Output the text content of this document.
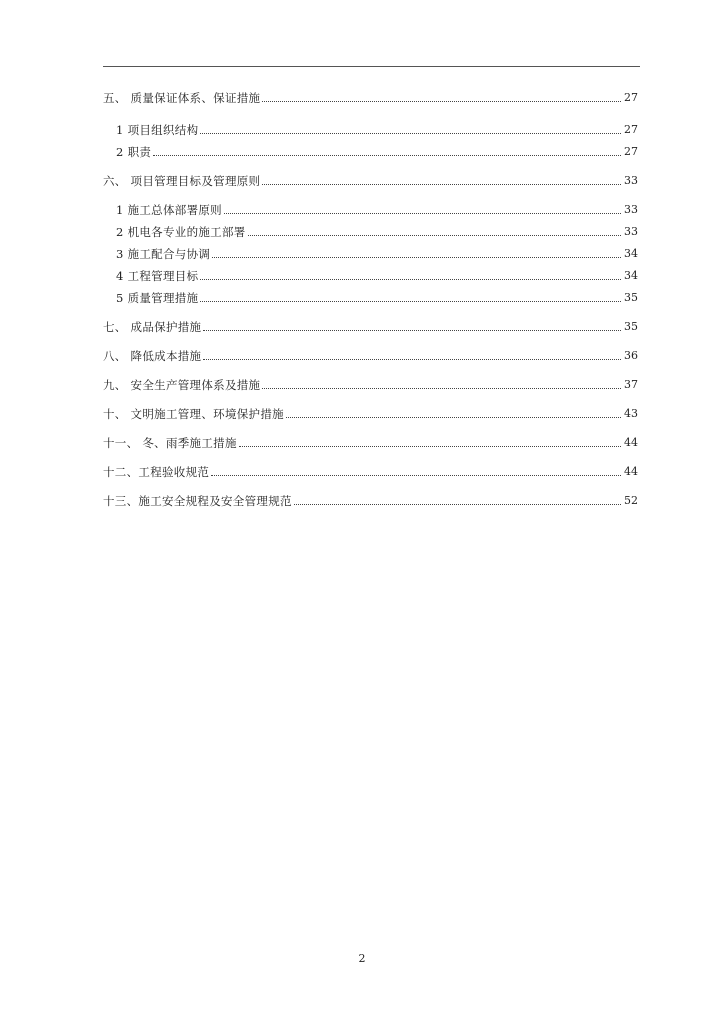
五、 质量保证体系、保证措施	27
1 项目组织结构	27
2 职责	27
六、 项目管理目标及管理原则	33
1 施工总体部署原则	33
2 机电各专业的施工部署	33
3 施工配合与协调	34
4 工程管理目标	34
5 质量管理措施	35
七、 成品保护措施	35
八、 降低成本措施	36
九、 安全生产管理体系及措施	37
十、 文明施工管理、环境保护措施	43
十一、 冬、雨季施工措施	44
十二、工程验收规范	44
十三、施工安全规程及安全管理规范	52
2
